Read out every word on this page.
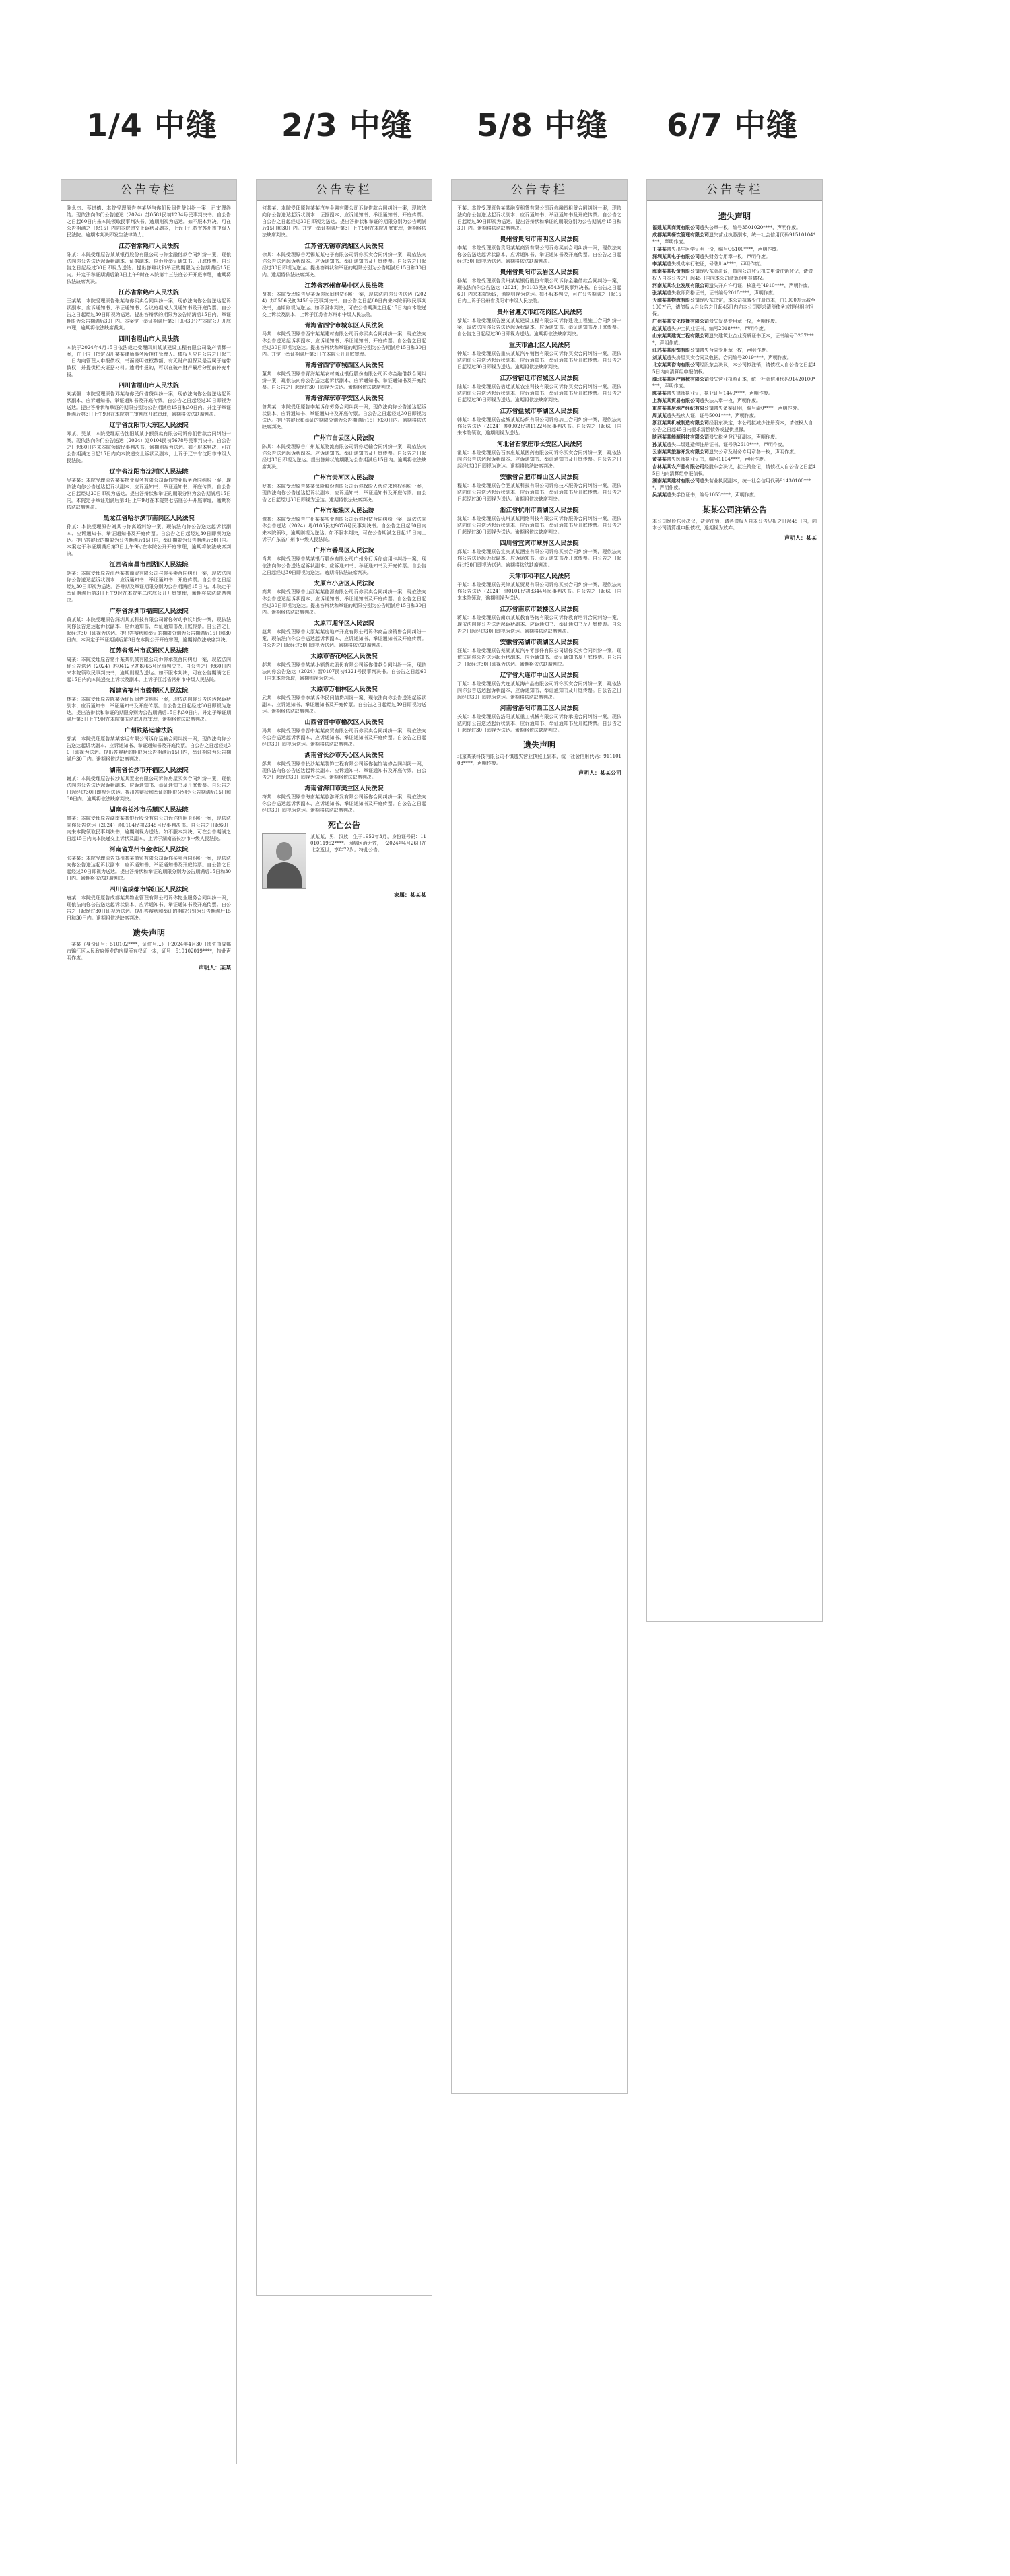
1/4 中缝 2/3 中缝 5/8 中缝 6/7 中缝
公告专栏
陈永杰、蔡进德：本院受理原告李某华与你们民间借贷纠纷一案，已审理终结。现依法向你们公告送达（2024）苏0581民初1234号民事判决书。自公告之日起60日内来本院领取民事判决书，逾期则视为送达。如不服本判决，可在公告期满之日起15日内向本院递交上诉状及副本，上诉于江苏省苏州市中级人民法院。逾期本判决即发生法律效力。
江苏省常熟市人民法院
陈某：本院受理原告某某银行股份有限公司与你金融借款合同纠纷一案，现依法向你公告送达起诉状副本、证据副本、应诉及举证通知书、开庭传票。自公告之日起经过30日即视为送达。提出答辩状和举证的期限为公告期满后15日内。并定于举证期满后第3日上午9时在本院第十三法庭公开开庭审理，逾期将依法缺席判决。
江苏省常熟市人民法院
王某某：本院受理原告张某与你买卖合同纠纷一案，现依法向你公告送达起诉状副本、应诉通知书、举证通知书、合议庭组成人员通知书及开庭传票。自公告之日起经过30日即视为送达。提出答辩状的期限为公告期满后15日内，举证期限为公告期满后30日内。本案定于举证期满后第3日9时30分在本院公开开庭审理，逾期将依法缺席裁判。
四川省眉山市人民法院
本院于2024年4月15日依法裁定受理四川某某建设工程有限公司破产清算一案，并于同日指定四川某某律师事务所担任管理人。债权人应自公告之日起三十日内向管理人申报债权，书面说明债权数额、有无财产担保及是否属于连带债权，并提供相关证据材料。逾期申报的，可以在破产财产最后分配前补充申报。
四川省眉山市人民法院
刘某强：本院受理原告邓某与你民间借贷纠纷一案，现依法向你公告送达起诉状副本、应诉通知书、举证通知书及开庭传票。自公告之日起经过30日即视为送达。提出答辩状和举证的期限分别为公告期满后15日和30日内。并定于举证期满后第3日上午9时在本院第三审判庭开庭审理，逾期将依法缺席判决。
辽宁省沈阳市大东区人民法院
邓某、吴某：本院受理原告沈阳某某小额贷款有限公司诉你们借款合同纠纷一案，现依法向你们公告送达（2024）辽0104民初5678号民事判决书。自公告之日起60日内来本院领取民事判决书，逾期则视为送达。如不服本判决，可在公告期满之日起15日内向本院递交上诉状及副本，上诉于辽宁省沈阳市中级人民法院。
辽宁省沈阳市沈河区人民法院
吴某某：本院受理原告某某物业服务有限公司诉你物业服务合同纠纷一案，现依法向你公告送达起诉状副本、应诉通知书、举证通知书、开庭传票。自公告之日起经过30日即视为送达。提出答辩状和举证的期限分别为公告期满后15日内。本院定于举证期满后第3日上午9时在本院第七法庭公开开庭审理，逾期将依法缺席判决。
黑龙江省哈尔滨市南岗区人民法院
孙某：本院受理原告刘某与你离婚纠纷一案，现依法向你公告送达起诉状副本、应诉通知书、举证通知书及开庭传票。自公告之日起经过30日即视为送达。提出答辩状的期限为公告期满后15日内，举证期限为公告期满后30日内。本案定于举证期满后第3日上午9时在本院公开开庭审理，逾期将依法缺席判决。
江西省南昌市西湖区人民法院
胡某：本院受理原告江西某某商贸有限公司与你买卖合同纠纷一案，现依法向你公告送达起诉状副本、应诉通知书、举证通知书、开庭传票。自公告之日起经过30日即视为送达。答辩期及举证期限分别为公告期满后15日内。本院定于举证期满后第3日上午9时在本院第二法庭公开开庭审理，逾期将依法缺席判决。
广东省深圳市福田区人民法院
黄某某：本院受理原告深圳某某科技有限公司诉你劳动争议纠纷一案，现依法向你公告送达起诉状副本、应诉通知书、举证通知书及开庭传票。自公告之日起经过30日即视为送达。提出答辩状和举证的期限分别为公告期满后15日和30日内。本案定于举证期满后第3日在本院公开开庭审理，逾期将依法缺席判决。
江苏省常州市武进区人民法院
周某：本院受理原告常州某某机械有限公司诉你承揽合同纠纷一案，现依法向你公告送达（2024）苏0412民初8765号民事判决书。自公告之日起60日内来本院领取民事判决书，逾期则视为送达。如不服本判决，可在公告期满之日起15日内向本院递交上诉状及副本，上诉于江苏省常州市中级人民法院。
福建省福州市鼓楼区人民法院
林某：本院受理原告陈某诉你民间借贷纠纷一案，现依法向你公告送达起诉状副本、应诉通知书、举证通知书及开庭传票。自公告之日起经过30日即视为送达。提出答辩状和举证的期限分别为公告期满后15日和30日内。并定于举证期满后第3日上午9时在本院第五法庭开庭审理，逾期将依法缺席判决。
广州铁路运输法院
郭某：本院受理原告某某客运有限公司诉你运输合同纠纷一案，现依法向你公告送达起诉状副本、应诉通知书、举证通知书及开庭传票。自公告之日起经过30日即视为送达。提出答辩状的期限为公告期满后15日内，举证期限为公告期满后30日内。逾期将依法缺席判决。
湖南省长沙市开福区人民法院
谢某：本院受理原告长沙某某置业有限公司诉你房屋买卖合同纠纷一案，现依法向你公告送达起诉状副本、应诉通知书、举证通知书及开庭传票。自公告之日起经过30日即视为送达。提出答辩状和举证的期限分别为公告期满后15日和30日内。逾期将依法缺席判决。
湖南省长沙市岳麓区人民法院
曾某：本院受理原告湖南某某银行股份有限公司诉你信用卡纠纷一案，现依法向你公告送达（2024）湘0104民初2345号民事判决书。自公告之日起60日内来本院领取民事判决书，逾期则视为送达。如不服本判决，可在公告期满之日起15日内向本院递交上诉状及副本，上诉于湖南省长沙市中级人民法院。
河南省郑州市金水区人民法院
张某某：本院受理原告郑州某某商贸有限公司诉你买卖合同纠纷一案，现依法向你公告送达起诉状副本、应诉通知书、举证通知书及开庭传票。自公告之日起经过30日即视为送达。提出答辩状和举证的期限分别为公告期满后15日和30日内。逾期将依法缺席判决。
四川省成都市锦江区人民法院
唐某：本院受理原告成都某某物业管理有限公司诉你物业服务合同纠纷一案，现依法向你公告送达起诉状副本、应诉通知书、举证通知书及开庭传票。自公告之日起经过30日即视为送达。提出答辩状和举证的期限分别为公告期满后15日和30日内。逾期将依法缺席判决。
遗失声明
王某某（身份证号：510102****，证件号...）于2024年4月30日遗失由成都市锦江区人民政府颁发的房屋所有权证一本，证号：510102019****，特此声明作废。
声明人：某某
公告专栏
何某某：本院受理原告某某汽车金融有限公司诉你借款合同纠纷一案，现依法向你公告送达起诉状副本、证据副本、应诉通知书、举证通知书、开庭传票。自公告之日起经过30日即视为送达。提出答辩状和举证的期限分别为公告期满后15日和30日内。并定于举证期满后第3日上午9时在本院开庭审理，逾期将依法缺席判决。
江苏省无锡市滨湖区人民法院
徐某：本院受理原告无锡某某电子有限公司诉你买卖合同纠纷一案，现依法向你公告送达起诉状副本、应诉通知书、举证通知书及开庭传票。自公告之日起经过30日即视为送达。提出答辩状和举证的期限分别为公告期满后15日和30日内。逾期将依法缺席判决。
江苏省苏州市吴中区人民法院
贾某：本院受理原告吴某诉你民间借贷纠纷一案，现依法向你公告送达（2024）苏0506民初3456号民事判决书。自公告之日起60日内来本院领取民事判决书，逾期则视为送达。如不服本判决，可在公告期满之日起15日内向本院递交上诉状及副本，上诉于江苏省苏州市中级人民法院。
青海省西宁市城东区人民法院
马某：本院受理原告西宁某某建材有限公司诉你买卖合同纠纷一案，现依法向你公告送达起诉状副本、应诉通知书、举证通知书、开庭传票。自公告之日起经过30日即视为送达。提出答辩状和举证的期限分别为公告期满后15日和30日内。并定于举证期满后第3日在本院公开开庭审理。
青海省西宁市城西区人民法院
董某：本院受理原告青海某某农村商业银行股份有限公司诉你金融借款合同纠纷一案，现依法向你公告送达起诉状副本、应诉通知书、举证通知书及开庭传票。自公告之日起经过30日即视为送达。逾期将依法缺席判决。
青海省海东市平安区人民法院
曾某某：本院受理原告李某诉你劳务合同纠纷一案，现依法向你公告送达起诉状副本、应诉通知书、举证通知书及开庭传票。自公告之日起经过30日即视为送达。提出答辩状和举证的期限分别为公告期满后15日和30日内。逾期将依法缺席判决。
广州市白云区人民法院
陈某：本院受理原告广州某某物流有限公司诉你运输合同纠纷一案，现依法向你公告送达起诉状副本、应诉通知书、举证通知书及开庭传票。自公告之日起经过30日即视为送达。提出答辩状的期限为公告期满后15日内。逾期将依法缺席判决。
广州市天河区人民法院
罗某：本院受理原告某某保险股份有限公司诉你保险人代位求偿权纠纷一案，现依法向你公告送达起诉状副本、应诉通知书、举证通知书及开庭传票。自公告之日起经过30日即视为送达。逾期将依法缺席判决。
广州市海珠区人民法院
谭某：本院受理原告广州某某实业有限公司诉你租赁合同纠纷一案，现依法向你公告送达（2024）粤0105民初9876号民事判决书。自公告之日起60日内来本院领取，逾期则视为送达。如不服本判决，可在公告期满之日起15日内上诉于广东省广州市中级人民法院。
广州市番禺区人民法院
肖某：本院受理原告某某银行股份有限公司广州分行诉你信用卡纠纷一案，现依法向你公告送达起诉状副本、应诉通知书、举证通知书及开庭传票。自公告之日起经过30日即视为送达。逾期将依法缺席判决。
太原市小店区人民法院
高某：本院受理原告山西某某能源有限公司诉你买卖合同纠纷一案，现依法向你公告送达起诉状副本、应诉通知书、举证通知书及开庭传票。自公告之日起经过30日即视为送达。提出答辩状和举证的期限分别为公告期满后15日和30日内。逾期将依法缺席判决。
太原市迎泽区人民法院
赵某：本院受理原告太原某某房地产开发有限公司诉你商品房销售合同纠纷一案，现依法向你公告送达起诉状副本、应诉通知书、举证通知书及开庭传票。自公告之日起经过30日即视为送达。逾期将依法缺席判决。
太原市杏花岭区人民法院
郝某：本院受理原告某某小额贷款股份有限公司诉你借款合同纠纷一案，现依法向你公告送达（2024）晋0107民初4321号民事判决书。自公告之日起60日内来本院领取，逾期则视为送达。
太原市万柏林区人民法院
武某：本院受理原告李某诉你民间借贷纠纷一案，现依法向你公告送达起诉状副本、应诉通知书、举证通知书及开庭传票。自公告之日起经过30日即视为送达。逾期将依法缺席判决。
山西省晋中市榆次区人民法院
冯某：本院受理原告晋中某某商贸有限公司诉你买卖合同纠纷一案，现依法向你公告送达起诉状副本、应诉通知书、举证通知书及开庭传票。自公告之日起经过30日即视为送达。逾期将依法缺席判决。
湖南省长沙市天心区人民法院
彭某：本院受理原告长沙某某装饰工程有限公司诉你装饰装修合同纠纷一案，现依法向你公告送达起诉状副本、应诉通知书、举证通知书及开庭传票。自公告之日起经过30日即视为送达。逾期将依法缺席判决。
海南省海口市美兰区人民法院
符某：本院受理原告海南某某旅游开发有限公司诉你合同纠纷一案，现依法向你公告送达起诉状副本、应诉通知书、举证通知书及开庭传票。自公告之日起经过30日即视为送达。逾期将依法缺席判决。
死亡公告
某某某，男，汉族，生于1952年3月，身份证号码：1101011952****。因病医治无效，于2024年4月26日在北京逝世，享年72岁。特此公告。
家属：某某某
公告专栏
王某：本院受理原告某某融资租赁有限公司诉你融资租赁合同纠纷一案，现依法向你公告送达起诉状副本、应诉通知书、举证通知书及开庭传票。自公告之日起经过30日即视为送达。提出答辩状和举证的期限分别为公告期满后15日和30日内。逾期将依法缺席判决。
贵州省贵阳市南明区人民法院
李某：本院受理原告贵阳某某商贸有限公司诉你买卖合同纠纷一案，现依法向你公告送达起诉状副本、应诉通知书、举证通知书及开庭传票。自公告之日起经过30日即视为送达。逾期将依法缺席判决。
贵州省贵阳市云岩区人民法院
杨某：本院受理原告贵州某某银行股份有限公司诉你金融借款合同纠纷一案，现依法向你公告送达（2024）黔0103民初6543号民事判决书。自公告之日起60日内来本院领取，逾期则视为送达。如不服本判决，可在公告期满之日起15日内上诉于贵州省贵阳市中级人民法院。
贵州省遵义市红花岗区人民法院
黎某：本院受理原告遵义某某建设工程有限公司诉你建设工程施工合同纠纷一案，现依法向你公告送达起诉状副本、应诉通知书、举证通知书及开庭传票。自公告之日起经过30日即视为送达。逾期将依法缺席判决。
重庆市渝北区人民法院
钟某：本院受理原告重庆某某汽车销售有限公司诉你买卖合同纠纷一案，现依法向你公告送达起诉状副本、应诉通知书、举证通知书及开庭传票。自公告之日起经过30日即视为送达。逾期将依法缺席判决。
江苏省宿迁市宿城区人民法院
陆某：本院受理原告宿迁某某农业科技有限公司诉你买卖合同纠纷一案，现依法向你公告送达起诉状副本、应诉通知书、举证通知书及开庭传票。自公告之日起经过30日即视为送达。逾期将依法缺席判决。
江苏省盐城市亭湖区人民法院
韩某：本院受理原告盐城某某纺织有限公司诉你加工合同纠纷一案，现依法向你公告送达（2024）苏0902民初1122号民事判决书。自公告之日起60日内来本院领取，逾期则视为送达。
河北省石家庄市长安区人民法院
霍某：本院受理原告石家庄某某医药有限公司诉你买卖合同纠纷一案，现依法向你公告送达起诉状副本、应诉通知书、举证通知书及开庭传票。自公告之日起经过30日即视为送达。逾期将依法缺席判决。
安徽省合肥市蜀山区人民法院
程某：本院受理原告合肥某某科技有限公司诉你技术服务合同纠纷一案，现依法向你公告送达起诉状副本、应诉通知书、举证通知书及开庭传票。自公告之日起经过30日即视为送达。逾期将依法缺席判决。
浙江省杭州市西湖区人民法院
沈某：本院受理原告杭州某某网络科技有限公司诉你服务合同纠纷一案，现依法向你公告送达起诉状副本、应诉通知书、举证通知书及开庭传票。自公告之日起经过30日即视为送达。逾期将依法缺席判决。
四川省宜宾市翠屏区人民法院
邱某：本院受理原告宜宾某某酒业有限公司诉你买卖合同纠纷一案，现依法向你公告送达起诉状副本、应诉通知书、举证通知书及开庭传票。自公告之日起经过30日即视为送达。逾期将依法缺席判决。
天津市和平区人民法院
于某：本院受理原告天津某某贸易有限公司诉你买卖合同纠纷一案，现依法向你公告送达（2024）津0101民初3344号民事判决书。自公告之日起60日内来本院领取，逾期则视为送达。
江苏省南京市鼓楼区人民法院
蒋某：本院受理原告南京某某教育咨询有限公司诉你教育培训合同纠纷一案，现依法向你公告送达起诉状副本、应诉通知书、举证通知书及开庭传票。自公告之日起经过30日即视为送达。逾期将依法缺席判决。
安徽省芜湖市镜湖区人民法院
汪某：本院受理原告芜湖某某汽车零部件有限公司诉你买卖合同纠纷一案，现依法向你公告送达起诉状副本、应诉通知书、举证通知书及开庭传票。自公告之日起经过30日即视为送达。逾期将依法缺席判决。
辽宁省大连市中山区人民法院
丁某：本院受理原告大连某某海产品有限公司诉你买卖合同纠纷一案，现依法向你公告送达起诉状副本、应诉通知书、举证通知书及开庭传票。自公告之日起经过30日即视为送达。逾期将依法缺席判决。
河南省洛阳市西工区人民法院
关某：本院受理原告洛阳某某重工机械有限公司诉你承揽合同纠纷一案，现依法向你公告送达起诉状副本、应诉通知书、举证通知书及开庭传票。自公告之日起经过30日即视为送达。逾期将依法缺席判决。
遗失声明
北京某某科技有限公司不慎遗失营业执照正副本，统一社会信用代码：91110108****，声明作废。
声明人：某某公司
公告专栏
遗失声明
福建某某商贸有限公司遗失公章一枚，编号3501020****，声明作废。
成都某某餐饮管理有限公司遗失营业执照副本，统一社会信用代码91510104****，声明作废。
王某某遗失出生医学证明一份，编号Q5100****，声明作废。
深圳某某电子有限公司遗失财务专用章一枚，声明作废。
李某某遗失机动车行驶证，号牌川A****，声明作废。
海南某某投资有限公司经股东会决议，拟向公司登记机关申请注销登记，请债权人自本公告之日起45日内向本公司清算组申报债权。
河南某某农业发展有限公司遗失开户许可证，核准号J4910****，声明作废。
张某某遗失教师资格证书，证书编号2015****，声明作废。
天津某某物流有限公司经股东决定，本公司拟减少注册资本，由1000万元减至100万元，请债权人自公告之日起45日内向本公司要求清偿债务或提供相应担保。
广州某某文化传播有限公司遗失发票专用章一枚，声明作废。
赵某某遗失护士执业证书，编号2018****，声明作废。
山东某某建筑工程有限公司遗失建筑业企业资质证书正本，证书编号D237****，声明作废。
江苏某某服饰有限公司遗失合同专用章一枚，声明作废。
刘某某遗失房屋买卖合同及收据，合同编号2019****，声明作废。
北京某某咨询有限公司经股东会决议，本公司拟注销，请债权人自公告之日起45日内向清算组申报债权。
湖北某某医疗器械有限公司遗失营业执照正本，统一社会信用代码91420100****，声明作废。
陈某某遗失律师执业证，执业证号1440****，声明作废。
上海某某贸易有限公司遗失法人章一枚，声明作废。
重庆某某房地产经纪有限公司遗失备案证明，编号渝0****，声明作废。
周某某遗失残疾人证，证号5001****，声明作废。
浙江某某机械制造有限公司经股东决定，本公司拟减少注册资本，请债权人自公告之日起45日内要求清偿债务或提供担保。
陕西某某能源科技有限公司遗失税务登记证副本，声明作废。
孙某某遗失二级建造师注册证书，证号陕2610****，声明作废。
云南某某旅游开发有限公司遗失公章及财务专用章各一枚，声明作废。
黄某某遗失医师执业证书，编号1104****，声明作废。
吉林某某农产品有限公司经股东会决议，拟注销登记，请债权人自公告之日起45日内向清算组申报债权。
湖南某某建材有限公司遗失营业执照副本，统一社会信用代码91430100****，声明作废。
吴某某遗失学位证书，编号1053****，声明作废。
某某公司注销公告
本公司经股东会决议，决定注销，请各债权人自本公告见报之日起45日内，向本公司清算组申报债权，逾期视为放弃。
声明人：某某
